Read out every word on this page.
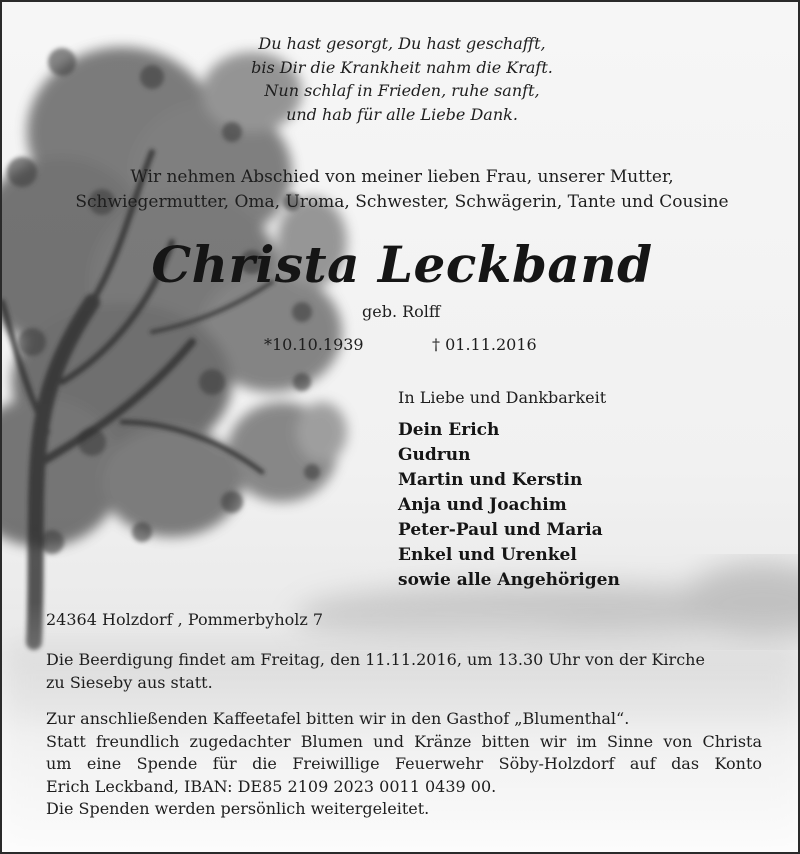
Du hast gesorgt, Du hast geschafft,
bis Dir die Krankheit nahm die Kraft.
Nun schlaf in Frieden, ruhe sanft,
und hab für alle Liebe Dank.
Wir nehmen Abschied von meiner lieben Frau, unserer Mutter,
Schwiegermutter, Oma, Uroma, Schwester, Schwägerin, Tante und Cousine
Christa Leckband
geb. Rolff
*10.10.1939	† 01.11.2016
In Liebe und Dankbarkeit
Dein Erich
Gudrun
Martin und Kerstin
Anja und Joachim
Peter-Paul und Maria
Enkel und Urenkel
sowie alle Angehörigen
24364 Holzdorf , Pommerbyholz 7
Die Beerdigung findet am Freitag, den 11.11.2016, um 13.30 Uhr von der Kirche
zu Sieseby aus statt.
Zur anschließenden Kaffeetafel bitten wir in den Gasthof „Blumenthal“.
Statt freundlich zugedachter Blumen und Kränze bitten wir im Sinne von Christa
um eine Spende für die Freiwillige Feuerwehr Söby-Holzdorf auf das Konto
Erich Leckband, IBAN: DE85 2109 2023 0011 0439 00.
Die Spenden werden persönlich weitergeleitet.
